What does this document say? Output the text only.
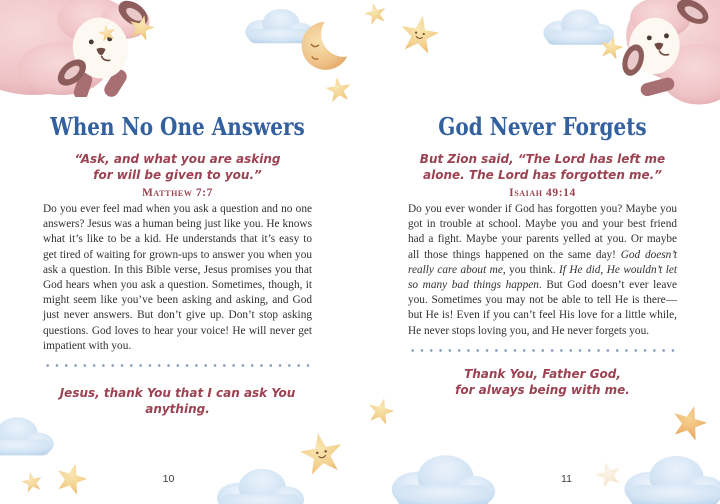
When No One Answers
“Ask, and what you are asking
for will be given to you.”
Matthew 7:7

Do you ever feel mad when you ask a question and no one answers? Jesus was a human being just like you. He knows what it’s like to be a kid. He understands that it’s easy to get tired of waiting for grown-ups to answer you when you ask a question. In this Bible verse, Jesus promises you that God hears when you ask a question. Sometimes, though, it might seem like you’ve been asking and asking, and God just never answers. But don’t give up. Don’t stop asking questions. God loves to hear your voice! He will never get impatient with you.

Jesus, thank You that I can ask You anything.
10
God Never Forgets
But Zion said, “The Lord has left me
alone. The Lord has forgotten me.”
Isaiah 49:14

Do you ever wonder if God has forgotten you? Maybe you got in trouble at school. Maybe you and your best friend had a fight. Maybe your parents yelled at you. Or maybe all those things happened on the same day! God doesn’t really care about me, you think. If He did, He wouldn’t let so many bad things happen. But God doesn’t ever leave you. Sometimes you may not be able to tell He is there—but He is! Even if you can’t feel His love for a little while, He never stops loving you, and He never forgets you.

Thank You, Father God,
for always being with me.
11
